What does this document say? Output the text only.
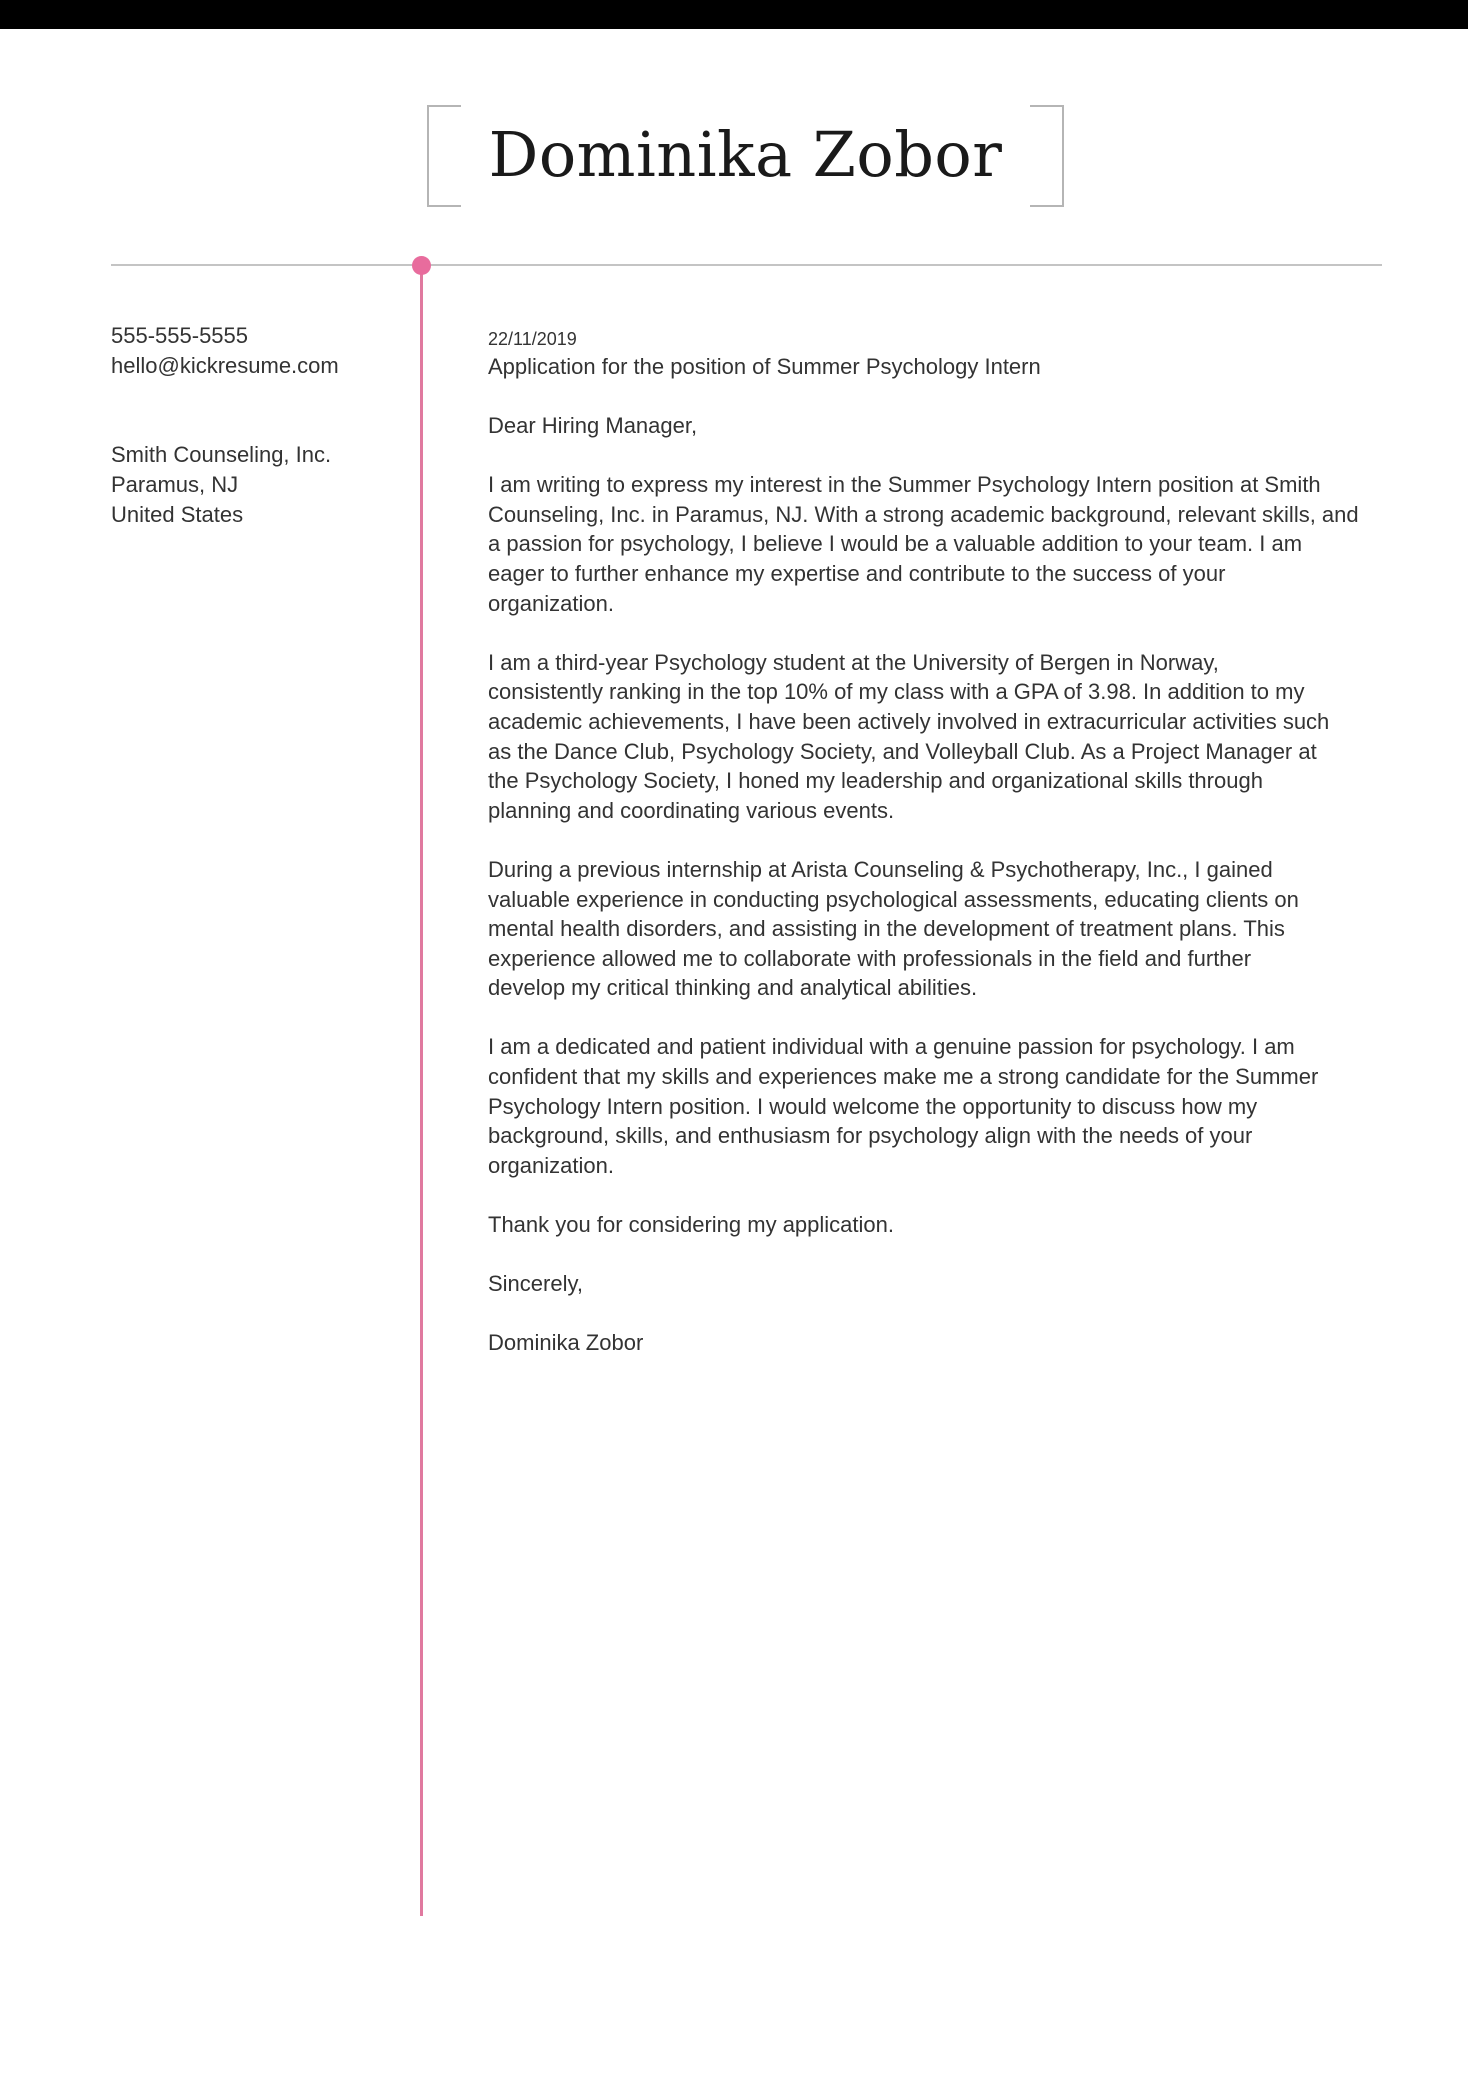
Dominika Zobor
555-555-5555
hello@kickresume.com
Smith Counseling, Inc.
Paramus, NJ
United States
22/11/2019
Application for the position of Summer Psychology Intern

Dear Hiring Manager,

I am writing to express my interest in the Summer Psychology Intern position at Smith
Counseling, Inc. in Paramus, NJ. With a strong academic background, relevant skills, and
a passion for psychology, I believe I would be a valuable addition to your team. I am
eager to further enhance my expertise and contribute to the success of your
organization.

I am a third-year Psychology student at the University of Bergen in Norway,
consistently ranking in the top 10% of my class with a GPA of 3.98. In addition to my
academic achievements, I have been actively involved in extracurricular activities such
as the Dance Club, Psychology Society, and Volleyball Club. As a Project Manager at
the Psychology Society, I honed my leadership and organizational skills through
planning and coordinating various events.

During a previous internship at Arista Counseling & Psychotherapy, Inc., I gained
valuable experience in conducting psychological assessments, educating clients on
mental health disorders, and assisting in the development of treatment plans. This
experience allowed me to collaborate with professionals in the field and further
develop my critical thinking and analytical abilities.

I am a dedicated and patient individual with a genuine passion for psychology. I am
confident that my skills and experiences make me a strong candidate for the Summer
Psychology Intern position. I would welcome the opportunity to discuss how my
background, skills, and enthusiasm for psychology align with the needs of your
organization.

Thank you for considering my application.

Sincerely,

Dominika Zobor
